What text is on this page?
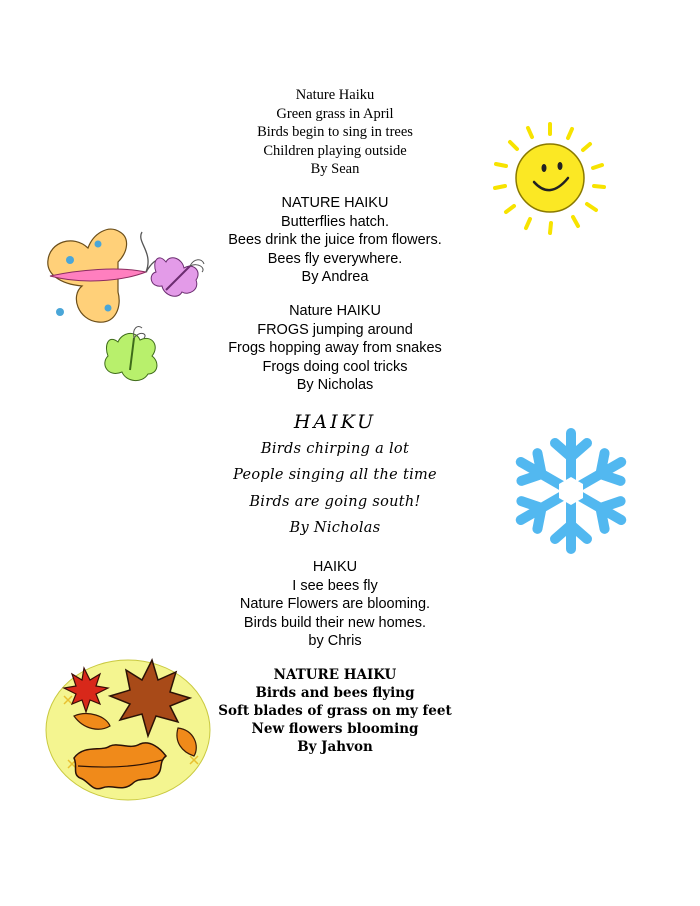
Nature Haiku
Green grass in April
Birds begin to sing in trees
Children playing outside
By Sean
NATURE HAIKU
Butterflies hatch.
Bees drink the juice from flowers.
Bees fly everywhere.
By Andrea
Nature HAIKU
FROGS jumping around
Frogs hopping away from snakes
Frogs doing cool tricks
By Nicholas
HAIKU
Birds chirping a lot
People singing all the time
Birds are going south!
By Nicholas
HAIKU
I see bees fly
Nature Flowers are blooming.
Birds build their new homes.
by Chris
NATURE HAIKU
Birds and bees flying
Soft blades of grass on my feet
New flowers blooming
By Jahvon
